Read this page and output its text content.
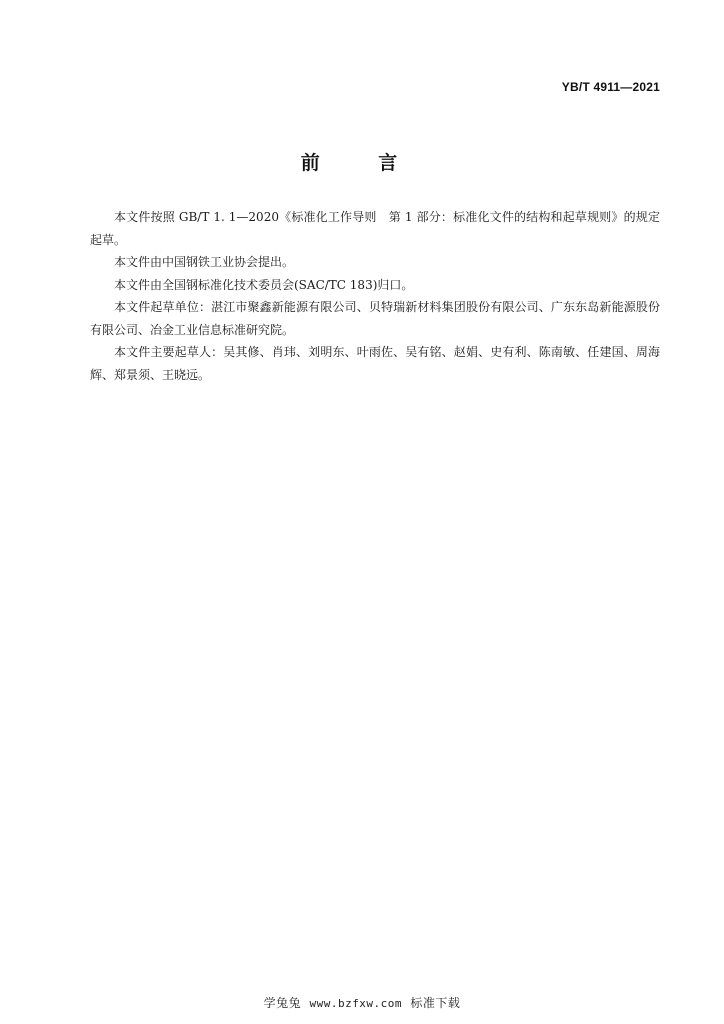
YB/T 4911—2021
前 言

本文件按照 GB/T 1. 1—2020《标准化工作导则　第 1 部分：标准化文件的结构和起草规则》的规定起草。

本文件由中国钢铁工业协会提出。

本文件由全国钢标准化技术委员会(SAC/TC 183)归口。

本文件起草单位：湛江市聚鑫新能源有限公司、贝特瑞新材料集团股份有限公司、广东东岛新能源股份有限公司、冶金工业信息标准研究院。

本文件主要起草人：吴其修、肖玮、刘明东、叶雨佐、吴有铭、赵娟、史有利、陈南敏、任建国、周海辉、郑景须、王晓远。

学兔兔 www.bzfxw.com 标准下载
